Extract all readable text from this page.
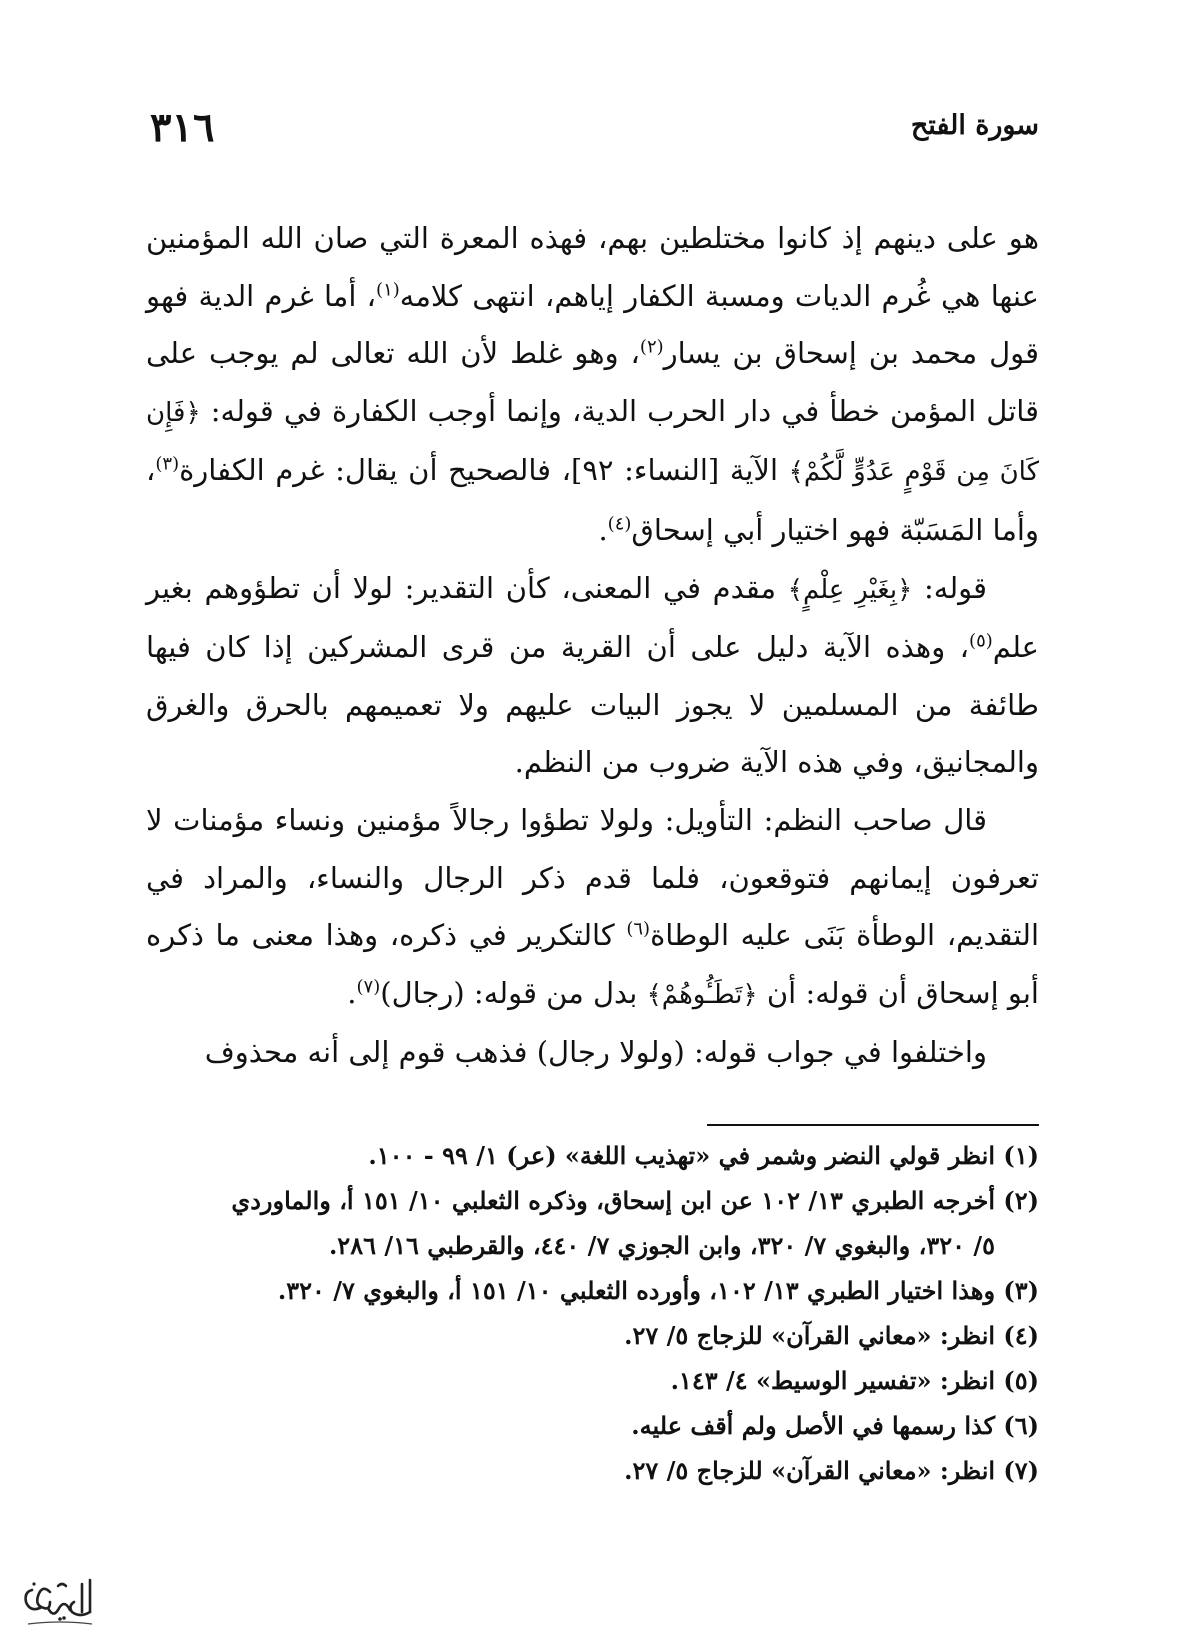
سورة الفتح
٣١٦

هو على دينهم إذ كانوا مختلطين بهم، فهذه المعرة التي صان الله المؤمنين عنها هي غُرم الديات ومسبة الكفار إياهم، انتهى كلامه$^{(١)}$، أما غرم الدية فهو قول محمد بن إسحاق بن يسار$^{(٢)}$، وهو غلط لأن الله تعالى لم يوجب على قاتل المؤمن خطأ في دار الحرب الدية، وإنما أوجب الكفارة في قوله: ﴿فَإِن كَانَ مِن قَوْمٍ عَدُوٍّ لَّكُمْ﴾ الآية [النساء: ٩٢]، فالصحيح أن يقال: غرم الكفارة$^{(٣)}$، وأما المَسَبّة فهو اختيار أبي إسحاق$^{(٤)}$.

قوله: ﴿بِغَيْرِ عِلْمٍ﴾ مقدم في المعنى، كأن التقدير: لولا أن تطؤوهم بغير علم$^{(٥)}$، وهذه الآية دليل على أن القرية من قرى المشركين إذا كان فيها طائفة من المسلمين لا يجوز البيات عليهم ولا تعميمهم بالحرق والغرق والمجانيق، وفي هذه الآية ضروب من النظم.

قال صاحب النظم: التأويل: ولولا تطؤوا رجالاً مؤمنين ونساء مؤمنات لا تعرفون إيمانهم فتوقعون، فلما قدم ذكر الرجال والنساء، والمراد في التقديم، الوطأة بَنَى عليه الوطاة$^{(٦)}$ كالتكرير في ذكره، وهذا معنى ما ذكره أبو إسحاق أن قوله: أن ﴿تَطَـُٔوهُمْ﴾ بدل من قوله: (رجال)$^{(٧)}$.

واختلفوا في جواب قوله: (ولولا رجال) فذهب قوم إلى أنه محذوف

(١) انظر قولي النضر وشمر في «تهذيب اللغة» (عر) ١/ ٩٩ - ١٠٠.

(٢) أخرجه الطبري ١٣/ ١٠٢ عن ابن إسحاق، وذكره الثعلبي ١٠/ ١٥١ أ، والماوردي
٥/ ٣٢٠، والبغوي ٧/ ٣٢٠، وابن الجوزي ٧/ ٤٤٠، والقرطبي ١٦/ ٢٨٦.

(٣) وهذا اختيار الطبري ١٣/ ١٠٢، وأورده الثعلبي ١٠/ ١٥١ أ، والبغوي ٧/ ٣٢٠.

(٤) انظر: «معاني القرآن» للزجاج ٥/ ٢٧.

(٥) انظر: «تفسير الوسيط» ٤/ ١٤٣.

(٦) كذا رسمها في الأصل ولم أقف عليه.

(٧) انظر: «معاني القرآن» للزجاج ٥/ ٢٧.
